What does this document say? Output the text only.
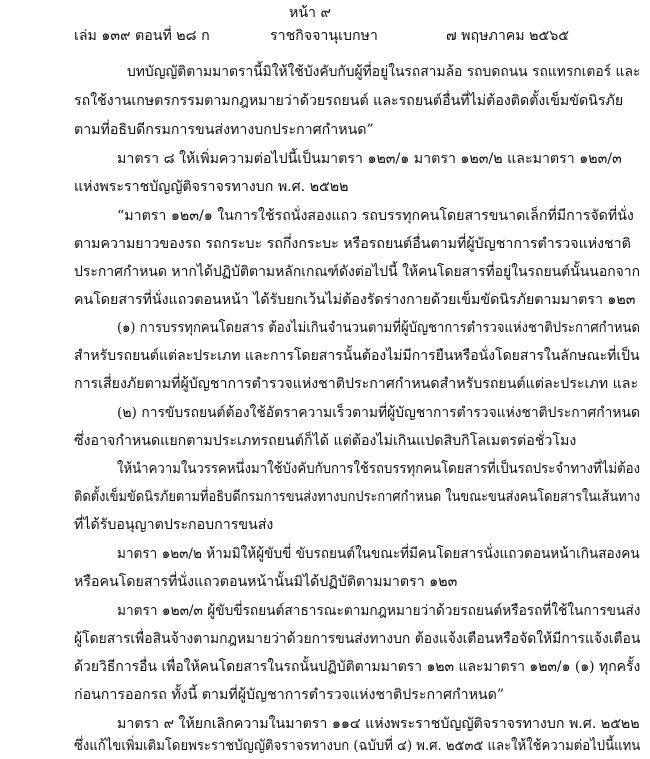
หน้า ๙
เล่ม ๑๓๙ ตอนที่ ๒๘ ก	ราชกิจจานุเบกษา	๗ พฤษภาคม ๒๕๖๕
บทบัญญัติตามมาตรานี้มิให้ใช้บังคับกับผู้ที่อยู่ในรถสามล้อ รถบดถนน รถแทรกเตอร์ และ
รถใช้งานเกษตรกรรมตามกฎหมายว่าด้วยรถยนต์ และรถยนต์อื่นที่ไม่ต้องติดตั้งเข็มขัดนิรภัย
ตามที่อธิบดีกรมการขนส่งทางบกประกาศกำหนด”
มาตรา ๘ ให้เพิ่มความต่อไปนี้เป็นมาตรา ๑๒๓/๑ มาตรา ๑๒๓/๒ และมาตรา ๑๒๓/๓
แห่งพระราชบัญญัติจราจรทางบก พ.ศ. ๒๕๒๒
“มาตรา ๑๒๓/๑ ในการใช้รถนั่งสองแถว รถบรรทุกคนโดยสารขนาดเล็กที่มีการจัดที่นั่ง
ตามความยาวของรถ รถกระบะ รถกึ่งกระบะ หรือรถยนต์อื่นตามที่ผู้บัญชาการตำรวจแห่งชาติ
ประกาศกำหนด หากได้ปฏิบัติตามหลักเกณฑ์ดังต่อไปนี้ ให้คนโดยสารที่อยู่ในรถยนต์นั้นนอกจาก
คนโดยสารที่นั่งแถวตอนหน้า ได้รับยกเว้นไม่ต้องรัดร่างกายด้วยเข็มขัดนิรภัยตามมาตรา ๑๒๓
(๑) การบรรทุกคนโดยสาร ต้องไม่เกินจำนวนตามที่ผู้บัญชาการตำรวจแห่งชาติประกาศกำหนด
สำหรับรถยนต์แต่ละประเภท และการโดยสารนั้นต้องไม่มีการยืนหรือนั่งโดยสารในลักษณะที่เป็น
การเสี่ยงภัยตามที่ผู้บัญชาการตำรวจแห่งชาติประกาศกำหนดสำหรับรถยนต์แต่ละประเภท และ
(๒) การขับรถยนต์ต้องใช้อัตราความเร็วตามที่ผู้บัญชาการตำรวจแห่งชาติประกาศกำหนด
ซึ่งอาจกำหนดแยกตามประเภทรถยนต์ก็ได้ แต่ต้องไม่เกินแปดสิบกิโลเมตรต่อชั่วโมง
ให้นำความในวรรคหนึ่งมาใช้บังคับกับการใช้รถบรรทุกคนโดยสารที่เป็นรถประจำทางที่ไม่ต้อง
ติดตั้งเข็มขัดนิรภัยตามที่อธิบดีกรมการขนส่งทางบกประกาศกำหนด ในขณะขนส่งคนโดยสารในเส้นทาง
ที่ได้รับอนุญาตประกอบการขนส่ง
มาตรา ๑๒๓/๒ ห้ามมิให้ผู้ขับขี่ ขับรถยนต์ในขณะที่มีคนโดยสารนั่งแถวตอนหน้าเกินสองคน
หรือคนโดยสารที่นั่งแถวตอนหน้านั้นมิได้ปฏิบัติตามมาตรา ๑๒๓
มาตรา ๑๒๓/๓ ผู้ขับขี่รถยนต์สาธารณะตามกฎหมายว่าด้วยรถยนต์หรือรถที่ใช้ในการขนส่ง
ผู้โดยสารเพื่อสินจ้างตามกฎหมายว่าด้วยการขนส่งทางบก ต้องแจ้งเตือนหรือจัดให้มีการแจ้งเตือน
ด้วยวิธีการอื่น เพื่อให้คนโดยสารในรถนั้นปฏิบัติตามมาตรา ๑๒๓ และมาตรา ๑๒๓/๑ (๑) ทุกครั้ง
ก่อนการออกรถ ทั้งนี้ ตามที่ผู้บัญชาการตำรวจแห่งชาติประกาศกำหนด”
มาตรา ๙ ให้ยกเลิกความในมาตรา ๑๑๔ แห่งพระราชบัญญัติจราจรทางบก พ.ศ. ๒๕๒๒
ซึ่งแก้ไขเพิ่มเติมโดยพระราชบัญญัติจราจรทางบก (ฉบับที่ ๔) พ.ศ. ๒๕๓๕ และให้ใช้ความต่อไปนี้แทน
